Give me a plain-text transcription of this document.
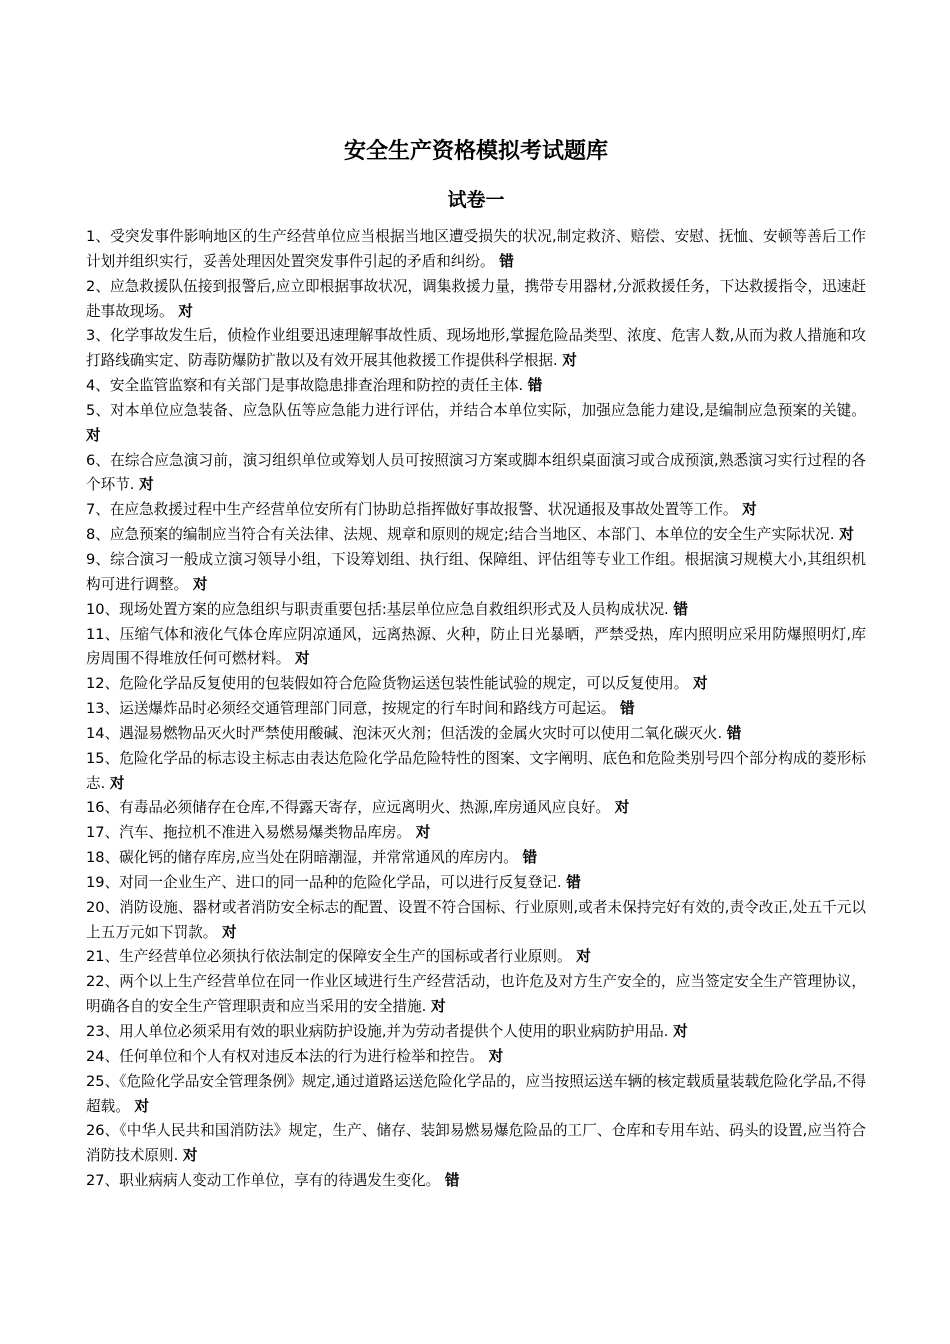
安全生产资格模拟考试题库
试卷一
1、受突发事件影响地区的生产经营单位应当根据当地区遭受损失的状况,制定救济、赔偿、安慰、抚恤、安顿等善后工作计划并组织实行，妥善处理因处置突发事件引起的矛盾和纠纷。 错
2、应急救援队伍接到报警后,应立即根据事故状况，调集救援力量，携带专用器材,分派救援任务，下达救援指令，迅速赶赴事故现场。 对
3、化学事故发生后，侦检作业组要迅速理解事故性质、现场地形,掌握危险品类型、浓度、危害人数,从而为救人措施和攻打路线确实定、防毒防爆防扩散以及有效开展其他救援工作提供科学根据. 对
4、安全监管监察和有关部门是事故隐患排查治理和防控的责任主体. 错
5、对本单位应急装备、应急队伍等应急能力进行评估，并结合本单位实际，加强应急能力建设,是编制应急预案的关键。 对
6、在综合应急演习前，演习组织单位或筹划人员可按照演习方案或脚本组织桌面演习或合成预演,熟悉演习实行过程的各个环节. 对
7、在应急救援过程中生产经营单位安所有门协助总指挥做好事故报警、状况通报及事故处置等工作。 对
8、应急预案的编制应当符合有关法律、法规、规章和原则的规定;结合当地区、本部门、本单位的安全生产实际状况. 对
9、综合演习一般成立演习领导小组，下设筹划组、执行组、保障组、评估组等专业工作组。根据演习规模大小,其组织机构可进行调整。 对
10、现场处置方案的应急组织与职责重要包括:基层单位应急自救组织形式及人员构成状况. 错
11、压缩气体和液化气体仓库应阴凉通风，远离热源、火种，防止日光暴晒，严禁受热，库内照明应采用防爆照明灯,库房周围不得堆放任何可燃材料。 对
12、危险化学品反复使用的包装假如符合危险货物运送包装性能试验的规定，可以反复使用。 对
13、运送爆炸品时必须经交通管理部门同意，按规定的行车时间和路线方可起运。 错
14、遇湿易燃物品灭火时严禁使用酸碱、泡沫灭火剂；但活泼的金属火灾时可以使用二氧化碳灭火. 错
15、危险化学品的标志设主标志由表达危险化学品危险特性的图案、文字阐明、底色和危险类别号四个部分构成的菱形标志. 对
16、有毒品必须储存在仓库,不得露天寄存，应远离明火、热源,库房通风应良好。 对
17、汽车、拖拉机不准进入易燃易爆类物品库房。 对
18、碳化钙的储存库房,应当处在阴暗潮湿，并常常通风的库房内。 错
19、对同一企业生产、进口的同一品种的危险化学品，可以进行反复登记. 错
20、消防设施、器材或者消防安全标志的配置、设置不符合国标、行业原则,或者未保持完好有效的,责令改正,处五千元以上五万元如下罚款。 对
21、生产经营单位必须执行依法制定的保障安全生产的国标或者行业原则。 对
22、两个以上生产经营单位在同一作业区域进行生产经营活动，也许危及对方生产安全的，应当签定安全生产管理协议，明确各自的安全生产管理职责和应当采用的安全措施. 对
23、用人单位必须采用有效的职业病防护设施,并为劳动者提供个人使用的职业病防护用品. 对
24、任何单位和个人有权对违反本法的行为进行检举和控告。 对
25、《危险化学品安全管理条例》规定,通过道路运送危险化学品的，应当按照运送车辆的核定载质量装载危险化学品,不得超载。 对
26、《中华人民共和国消防法》规定，生产、储存、装卸易燃易爆危险品的工厂、仓库和专用车站、码头的设置,应当符合消防技术原则. 对
27、职业病病人变动工作单位，享有的待遇发生变化。 错
